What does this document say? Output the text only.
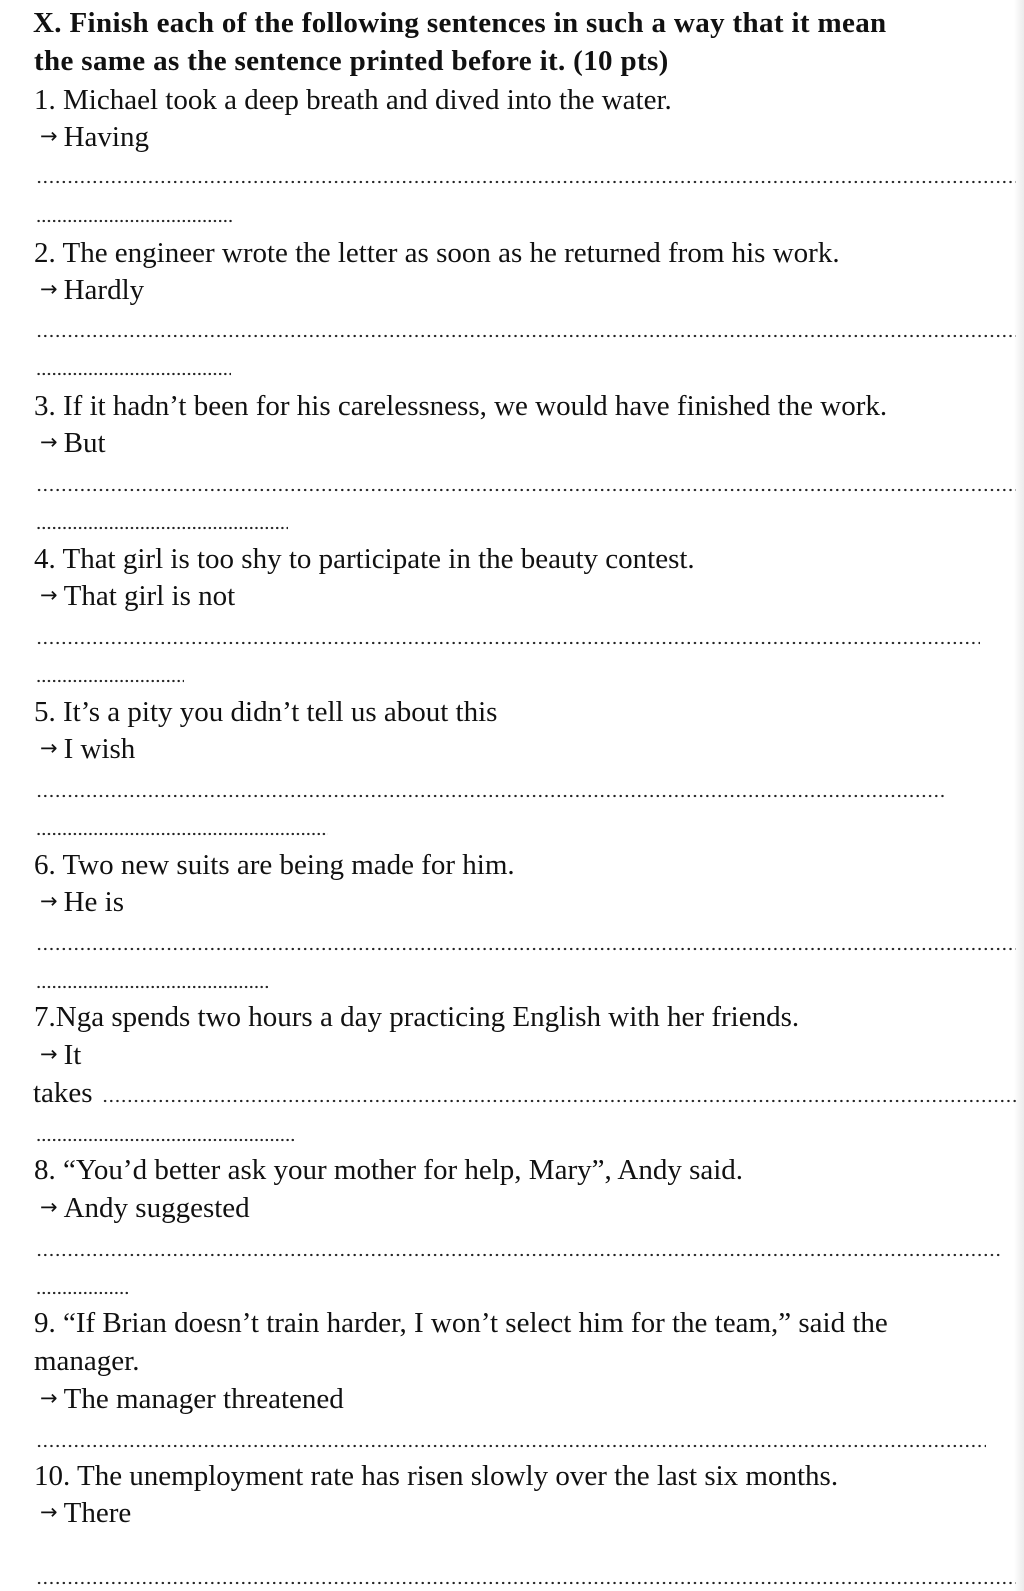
X. Finish each of the following sentences in such a way that it mean
the same as the sentence printed before it. (10 pts)
1. Michael took a deep breath and dived into the water.
→ Having
2. The engineer wrote the letter as soon as he returned from his work.
→ Hardly
3. If it hadn’t been for his carelessness, we would have finished the work.
→ But
4. That girl is too shy to participate in the beauty contest.
→ That girl is not
5. It’s a pity you didn’t tell us about this
→ I wish
6. Two new suits are being made for him.
→ He is
7.Nga spends two hours a day practicing English with her friends.
→ It
takes
8. “You’d better ask your mother for help, Mary”, Andy said.
→ Andy suggested
9. “If Brian doesn’t train harder, I won’t select him for the team,” said the
manager.
→ The manager threatened
10. The unemployment rate has risen slowly over the last six months.
→ There
